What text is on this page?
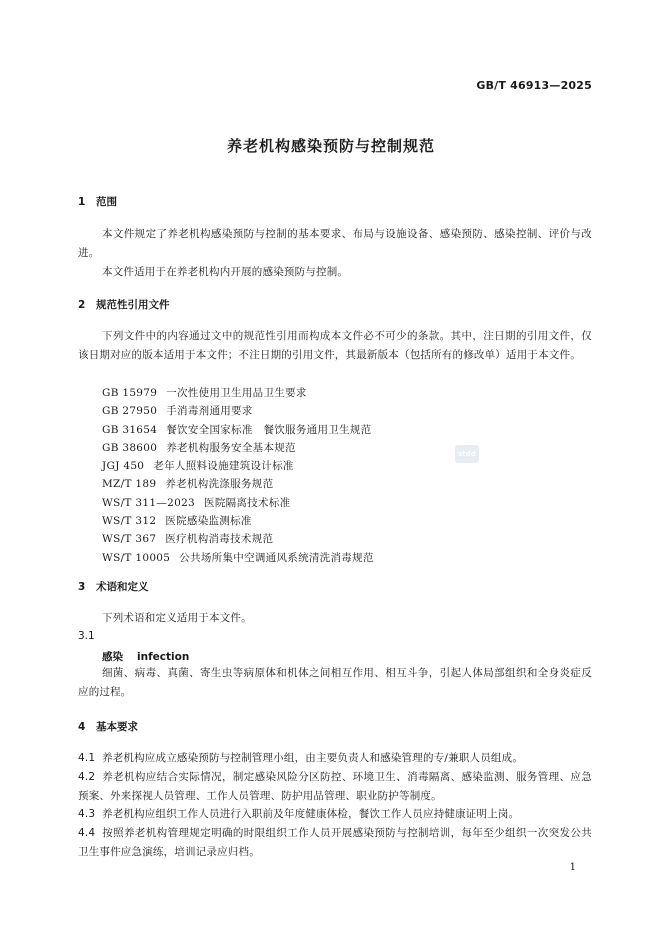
GB/T 46913—2025
养老机构感染预防与控制规范
1 范围

本文件规定了养老机构感染预防与控制的基本要求、布局与设施设备、感染预防、感染控制、评价与改进。

本文件适用于在养老机构内开展的感染预防与控制。

2 规范性引用文件

下列文件中的内容通过文中的规范性引用而构成本文件必不可少的条款。其中，注日期的引用文件，仅该日期对应的版本适用于本文件；不注日期的引用文件，其最新版本（包括所有的修改单）适用于本文件。

GB 15979 一次性使用卫生用品卫生要求
GB 27950 手消毒剂通用要求
GB 31654 餐饮安全国家标准　餐饮服务通用卫生规范
GB 38600 养老机构服务安全基本规范
JGJ 450 老年人照料设施建筑设计标准
MZ/T 189 养老机构洗涤服务规范
WS/T 311—2023 医院隔离技术标准
WS/T 312 医院感染监测标准
WS/T 367 医疗机构消毒技术规范
WS/T 10005 公共场所集中空调通风系统清洗消毒规范
stdd
3 术语和定义

下列术语和定义适用于本文件。

3.1
感染 infection

细菌、病毒、真菌、寄生虫等病原体和机体之间相互作用、相互斗争，引起人体局部组织和全身炎症反应的过程。

4 基本要求

4.1 养老机构应成立感染预防与控制管理小组，由主要负责人和感染管理的专/兼职人员组成。

4.2 养老机构应结合实际情况，制定感染风险分区防控、环境卫生、消毒隔离、感染监测、服务管理、应急预案、外来探视人员管理、工作人员管理、防护用品管理、职业防护等制度。

4.3 养老机构应组织工作人员进行入职前及年度健康体检，餐饮工作人员应持健康证明上岗。

4.4 按照养老机构管理规定明确的时限组织工作人员开展感染预防与控制培训，每年至少组织一次突发公共卫生事件应急演练，培训记录应归档。

1
